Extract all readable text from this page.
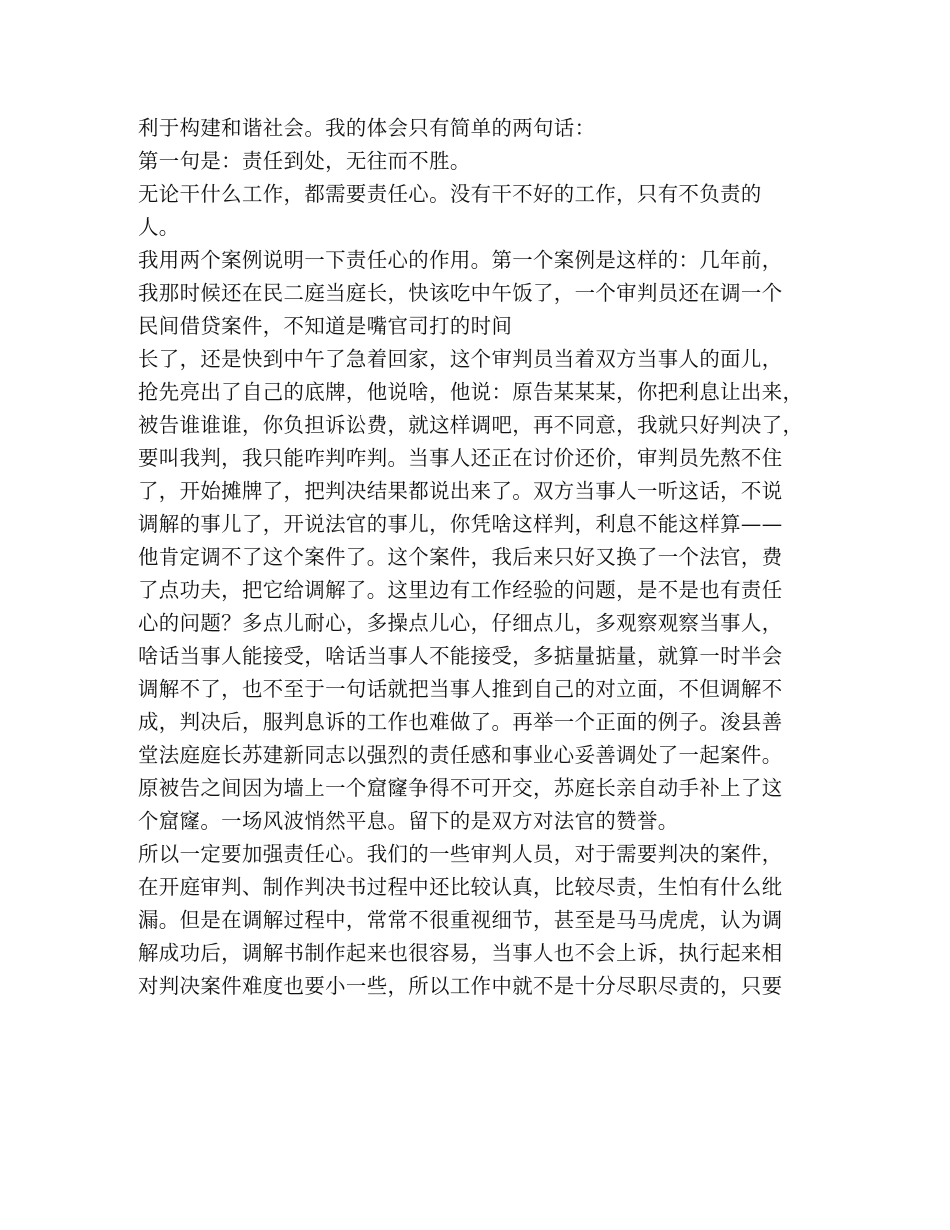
利于构建和谐社会。我的体会只有简单的两句话：
第一句是：责任到处，无往而不胜。
无论干什么工作，都需要责任心。没有干不好的工作，只有不负责的
人。
我用两个案例说明一下责任心的作用。第一个案例是这样的：几年前，
我那时候还在民二庭当庭长，快该吃中午饭了，一个审判员还在调一个
民间借贷案件，不知道是嘴官司打的时间
长了，还是快到中午了急着回家，这个审判员当着双方当事人的面儿，
抢先亮出了自己的底牌，他说啥，他说：原告某某某，你把利息让出来，
被告谁谁谁，你负担诉讼费，就这样调吧，再不同意，我就只好判决了，
要叫我判，我只能咋判咋判。当事人还正在讨价还价，审判员先熬不住
了，开始摊牌了，把判决结果都说出来了。双方当事人一听这话，不说
调解的事儿了，开说法官的事儿，你凭啥这样判，利息不能这样算——
他肯定调不了这个案件了。这个案件，我后来只好又换了一个法官，费
了点功夫，把它给调解了。这里边有工作经验的问题，是不是也有责任
心的问题？多点儿耐心，多操点儿心，仔细点儿，多观察观察当事人，
啥话当事人能接受，啥话当事人不能接受，多掂量掂量，就算一时半会
调解不了，也不至于一句话就把当事人推到自己的对立面，不但调解不
成，判决后，服判息诉的工作也难做了。再举一个正面的例子。浚县善
堂法庭庭长苏建新同志以强烈的责任感和事业心妥善调处了一起案件。
原被告之间因为墙上一个窟窿争得不可开交，苏庭长亲自动手补上了这
个窟窿。一场风波悄然平息。留下的是双方对法官的赞誉。
所以一定要加强责任心。我们的一些审判人员，对于需要判决的案件，
在开庭审判、制作判决书过程中还比较认真，比较尽责，生怕有什么纰
漏。但是在调解过程中，常常不很重视细节，甚至是马马虎虎，认为调
解成功后，调解书制作起来也很容易，当事人也不会上诉，执行起来相
对判决案件难度也要小一些，所以工作中就不是十分尽职尽责的，只要
